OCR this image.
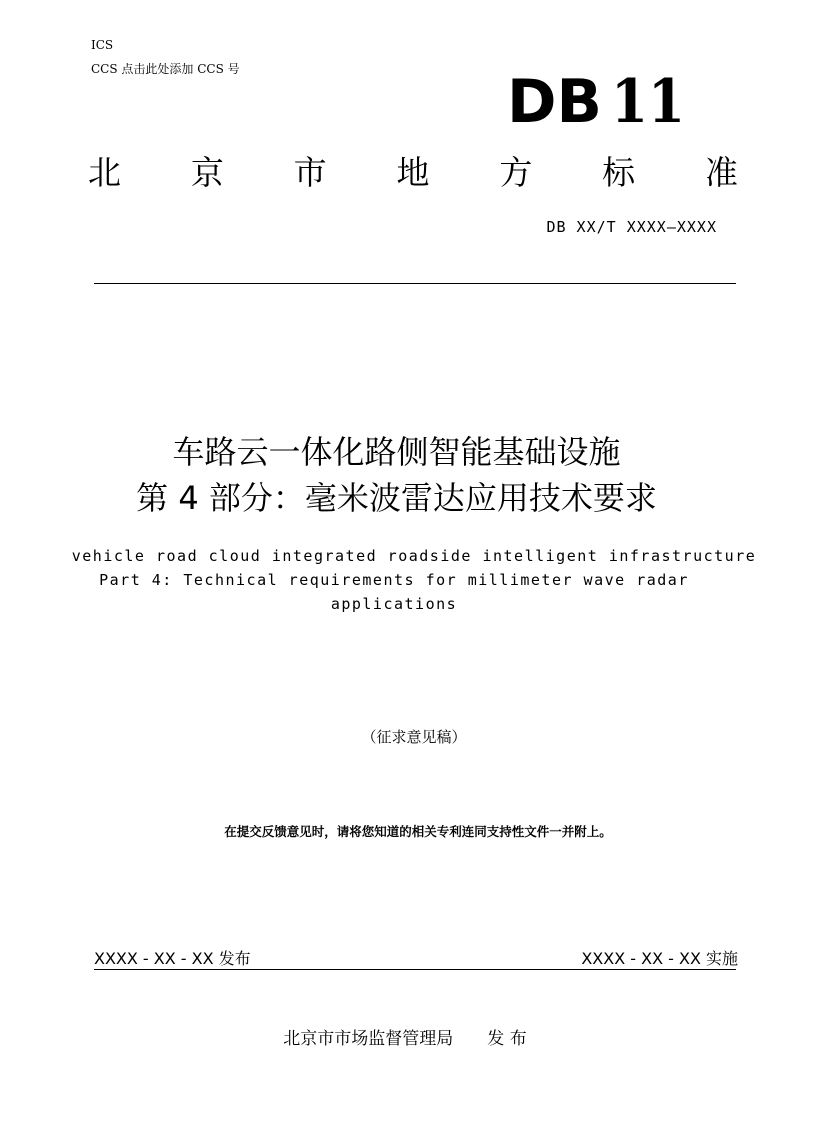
ICS
CCS 点击此处添加 CCS 号	DB 11
北 京 市 地 方 标 准
DB XX/T XXXX—XXXX
车路云一体化路侧智能基础设施
第 4 部分：毫米波雷达应用技术要求
vehicle road cloud integrated roadside intelligent infrastructure
Part 4: Technical requirements for millimeter wave radar
applications
（征求意见稿）
在提交反馈意见时，请将您知道的相关专利连同支持性文件一并附上。
XXXX - XX - XX 发布	XXXX - XX - XX 实施
北京市市场监督管理局 发 布
